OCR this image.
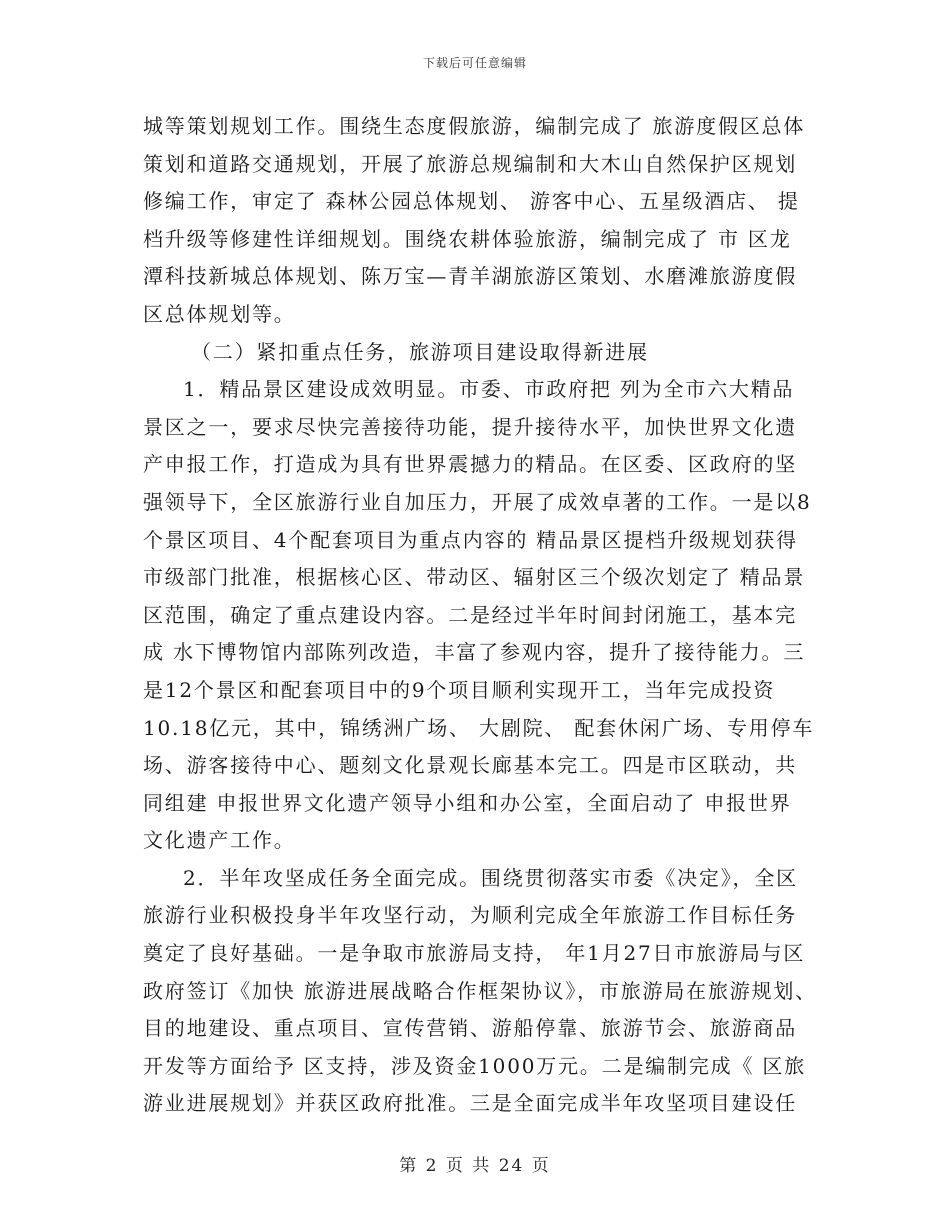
下载后可任意编辑
城等策划规划工作。围绕生态度假旅游，编制完成了 旅游度假区总体
策划和道路交通规划，开展了旅游总规编制和大木山自然保护区规划
修编工作，审定了 森林公园总体规划、 游客中心、五星级酒店、 提
档升级等修建性详细规划。围绕农耕体验旅游，编制完成了 市 区龙
潭科技新城总体规划、陈万宝—青羊湖旅游区策划、水磨滩旅游度假
区总体规划等。
（二）紧扣重点任务，旅游项目建设取得新进展
1．精品景区建设成效明显。市委、市政府把 列为全市六大精品
景区之一，要求尽快完善接待功能，提升接待水平，加快世界文化遗
产申报工作，打造成为具有世界震撼力的精品。在区委、区政府的坚
强领导下，全区旅游行业自加压力，开展了成效卓著的工作。一是以8
个景区项目、4个配套项目为重点内容的 精品景区提档升级规划获得
市级部门批准，根据核心区、带动区、辐射区三个级次划定了 精品景
区范围，确定了重点建设内容。二是经过半年时间封闭施工，基本完
成 水下博物馆内部陈列改造，丰富了参观内容，提升了接待能力。三
是12个景区和配套项目中的9个项目顺利实现开工，当年完成投资
10.18亿元，其中，锦绣洲广场、 大剧院、 配套休闲广场、专用停车
场、游客接待中心、题刻文化景观长廊基本完工。四是市区联动，共
同组建 申报世界文化遗产领导小组和办公室，全面启动了 申报世界
文化遗产工作。
2．半年攻坚成任务全面完成。围绕贯彻落实市委《决定》，全区
旅游行业积极投身半年攻坚行动，为顺利完成全年旅游工作目标任务
奠定了良好基础。一是争取市旅游局支持， 年1月27日市旅游局与区
政府签订《加快 旅游进展战略合作框架协议》，市旅游局在旅游规划、
目的地建设、重点项目、宣传营销、游船停靠、旅游节会、旅游商品
开发等方面给予 区支持，涉及资金1000万元。二是编制完成《 区旅
游业进展规划》并获区政府批准。三是全面完成半年攻坚项目建设任
第 2 页 共 24 页
